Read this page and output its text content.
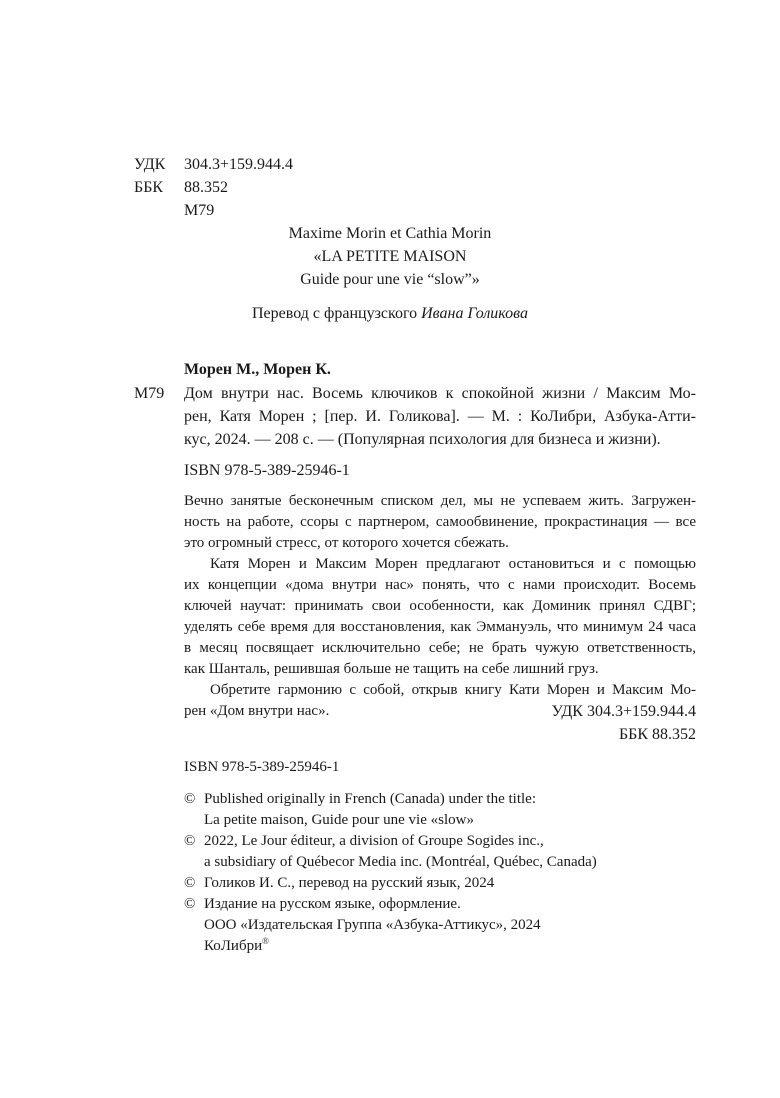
УДК 304.3+159.944.4
ББК 88.352
М79
Maxime Morin et Cathia Morin
«LA PETITE MAISON
Guide pour une vie “slow”»
Перевод с французского Ивана Голикова
Морен М., Морен К.
М79 Дом внутри нас. Восемь ключиков к спокойной жизни / Максим Мо-
рен, Катя Морен ; [пер. И. Голикова]. — М. : КоЛибри, Азбука-Атти-
кус, 2024. — 208 с. — (Популярная психология для бизнеса и жизни).
ISBN 978-5-389-25946-1
Вечно занятые бесконечным списком дел, мы не успеваем жить. Загружен-
ность на работе, ссоры с партнером, самообвинение, прокрастинация — все
это огромный стресс, от которого хочется сбежать.
Катя Морен и Максим Морен предлагают остановиться и с помощью
их концепции «дома внутри нас» понять, что с нами происходит. Восемь
ключей научат: принимать свои особенности, как Доминик принял СДВГ;
уделять себе время для восстановления, как Эммануэль, что минимум 24 часа
в месяц посвящает исключительно себе; не брать чужую ответственность,
как Шанталь, решившая больше не тащить на себе лишний груз.
Обретите гармонию с собой, открыв книгу Кати Морен и Максим Мо-
рен «Дом внутри нас».	УДК 304.3+159.944.4
ББК 88.352
ISBN 978-5-389-25946-1
© Published originally in French (Canada) under the title:
La petite maison, Guide pour une vie «slow»
© 2022, Le Jour éditeur, a division of Groupe Sogides inc.,
a subsidiary of Québecor Media inc. (Montréal, Québec, Canada)
© Голиков И. С., перевод на русский язык, 2024
© Издание на русском языке, оформление.
ООО «Издательская Группа «Азбука-Аттикус», 2024
КоЛибри®
